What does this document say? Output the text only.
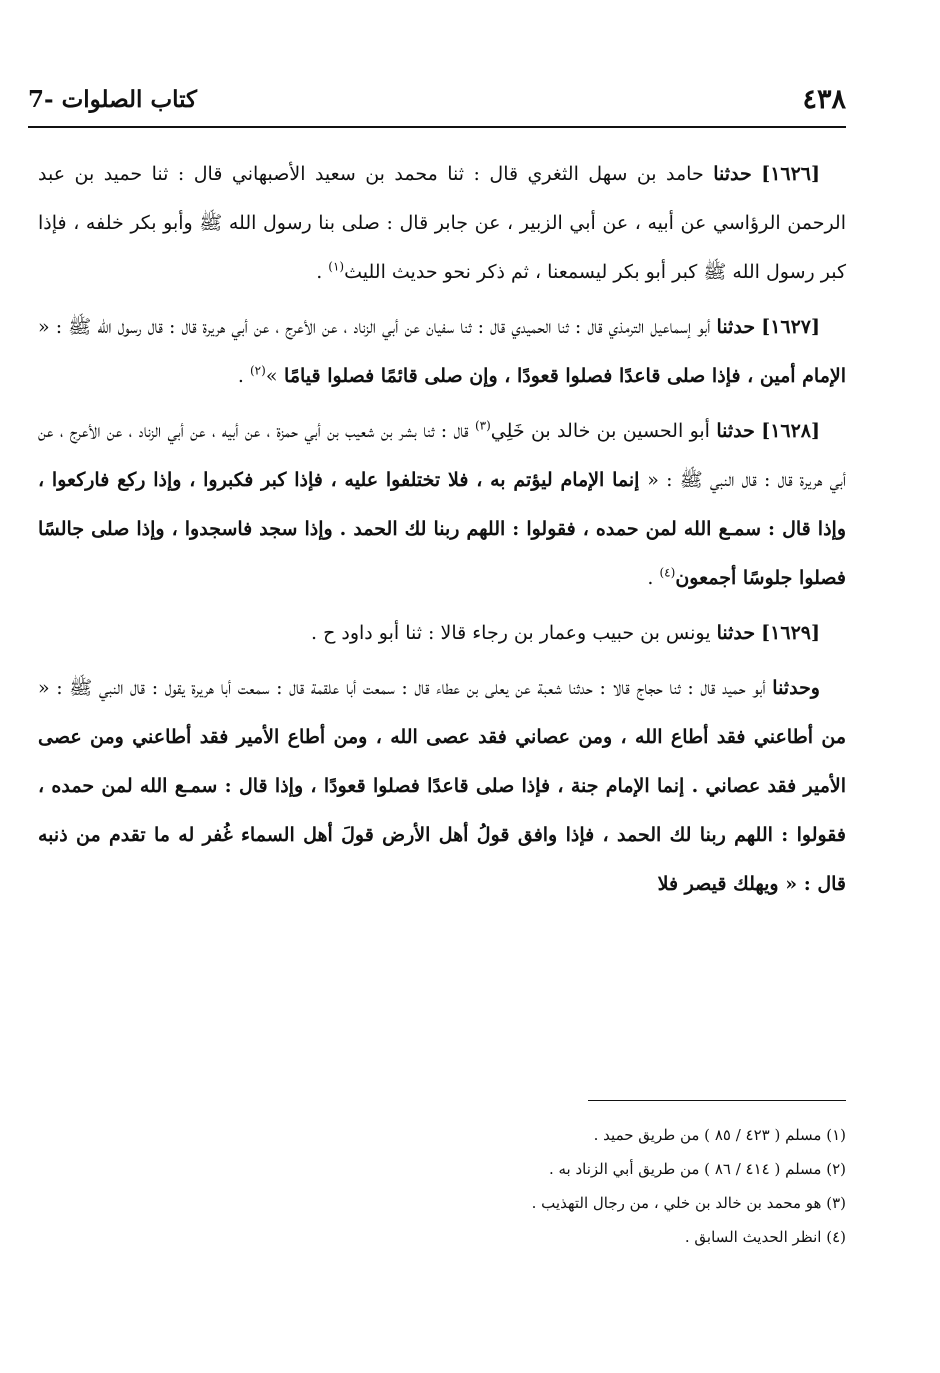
٤٣٨
7- كتاب الصلوات

[١٦٢٦] حدثنا حامد بن سهل الثغري قال : ثنا محمد بن سعيد الأصبهاني قال : ثنا حميد بن عبد الرحمن الرؤاسي عن أبيه ، عن أبي الزبير ، عن جابر قال : صلى بنا رسول الله ﷺ وأبو بكر خلفه ، فإذا كبر رسول الله ﷺ كبر أبو بكر ليسمعنا ، ثم ذكر نحو حديث الليث$^{(١)}$ .

[١٦٢٧] حدثنا أبو إسماعيل الترمذي قال : ثنا الحميدي قال : ثنا سفيان عن أبي الزناد ، عن الأعرج ، عن أبي هريرة قال : قال رسول الله ﷺ : « الإمام أمين ، فإذا صلى قاعدًا فصلوا قعودًا ، وإن صلى قائمًا فصلوا قيامًا »$^{(٢)}$ .

[١٦٢٨] حدثنا أبو الحسين بن خالد بن خَلِي$^{(٣)}$ قال : ثنا بشر بن شعيب بن أبي حمزة ، عن أبيه ، عن أبي الزناد ، عن الأعرج ، عن أبي هريرة قال : قال النبي ﷺ : « إنما الإمام ليؤتم به ، فلا تختلفوا عليه ، فإذا كبر فكبروا ، وإذا ركع فاركعوا ، وإذا قال : سمـع الله لمن حمده ، فقولوا : اللهم ربنا لك الحمد . وإذا سجد فاسجدوا ، وإذا صلى جالسًا فصلوا جلوسًا أجمعون$^{(٤)}$ .

[١٦٢٩] حدثنا يونس بن حبيب وعمار بن رجاء قالا : ثنا أبو داود ح .

وحدثنا أبو حميد قال : ثنا حجاج قالا : حدثنا شعبة عن يعلى بن عطاء قال : سمعت أبا علقمة قال : سمعت أبا هريرة يقول : قال النبي ﷺ : « من أطاعني فقد أطاع الله ، ومن عصاني فقد عصى الله ، ومن أطاع الأمير فقد أطاعني ومن عصى الأمير فقد عصاني . إنما الإمام جنة ، فإذا صلى قاعدًا فصلوا قعودًا ، وإذا قال : سمـع الله لمن حمده ، فقولوا : اللهم ربنا لك الحمد ، فإذا وافق قولُ أهل الأرض قولَ أهل السماء غُفر له ما تقدم من ذنبه قال : « ويهلك قيصر فلا

(١) مسلم ( ٤٢٣ / ٨٥ ) من طريق حميد .

(٢) مسلم ( ٤١٤ / ٨٦ ) من طريق أبي الزناد به .

(٣) هو محمد بن خالد بن خلي ، من رجال التهذيب .

(٤) انظر الحديث السابق .
